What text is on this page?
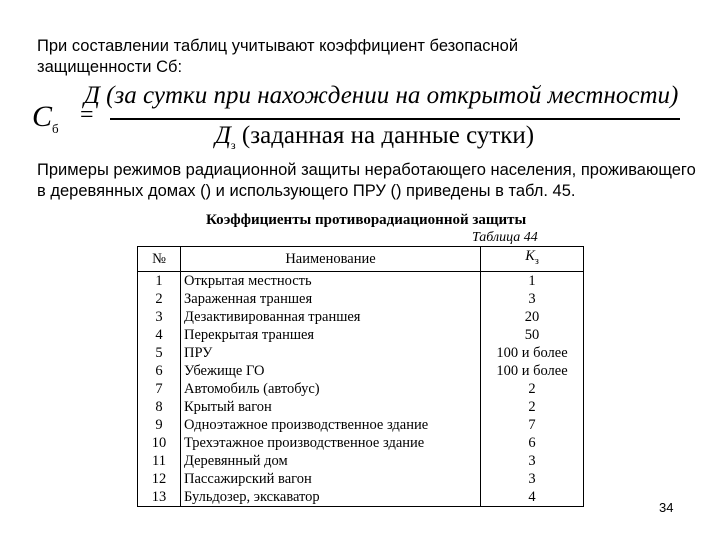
При составлении таблиц учитывают коэффициент безопасной защищенности Сб:

$C_б$
=
Д (за сутки при нахождении на открытой местности)
$Д_з$ (заданная на данные сутки)

Примеры режимов радиационной защиты неработающего населения, проживающего в деревянных домах () и использующего ПРУ () приведены в табл. 45.

Коэффициенты противорадиационной защиты
Таблица 44
№	Наименование	$K_з$
1	Открытая местность	1
2	Зараженная траншея	3
3	Дезактивированная траншея	20
4	Перекрытая траншея	50
5	ПРУ	100 и более
6	Убежище ГО	100 и более
7	Автомобиль (автобус)	2
8	Крытый вагон	2
9	Одноэтажное производственное здание	7
10	Трехэтажное производственное здание	6
11	Деревянный дом	3
12	Пассажирский вагон	3
13	Бульдозер, экскаватор	4
34
